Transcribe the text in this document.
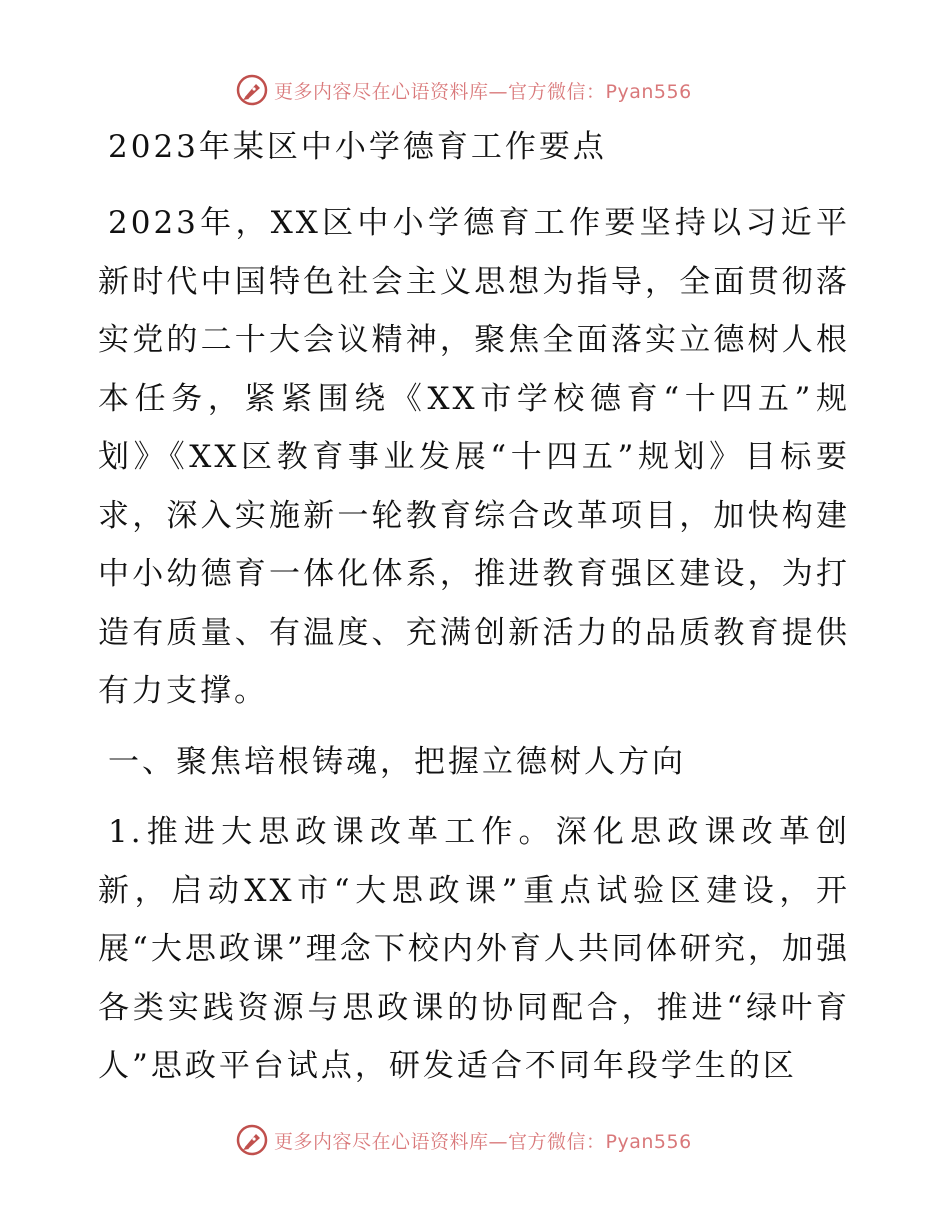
更多内容尽在心语资料库—官方微信：Pyan556
2023年某区中小学德育工作要点

2023年，XX区中小学德育工作要坚持以习近平新时代中国特色社会主义思想为指导，全面贯彻落实党的二十大会议精神，聚焦全面落实立德树人根本任务，紧紧围绕《XX市学校德育“十四五”规划》《XX区教育事业发展“十四五”规划》目标要求，深入实施新一轮教育综合改革项目，加快构建中小幼德育一体化体系，推进教育强区建设，为打造有质量、有温度、充满创新活力的品质教育提供有力支撑。

一、聚焦培根铸魂，把握立德树人方向

1.推进大思政课改革工作。深化思政课改革创新，启动XX市“大思政课”重点试验区建设，开展“大思政课”理念下校内外育人共同体研究，加强各类实践资源与思政课的协同配合，推进“绿叶育人”思政平台试点，研发适合不同年段学生的区

更多内容尽在心语资料库—官方微信：Pyan556
